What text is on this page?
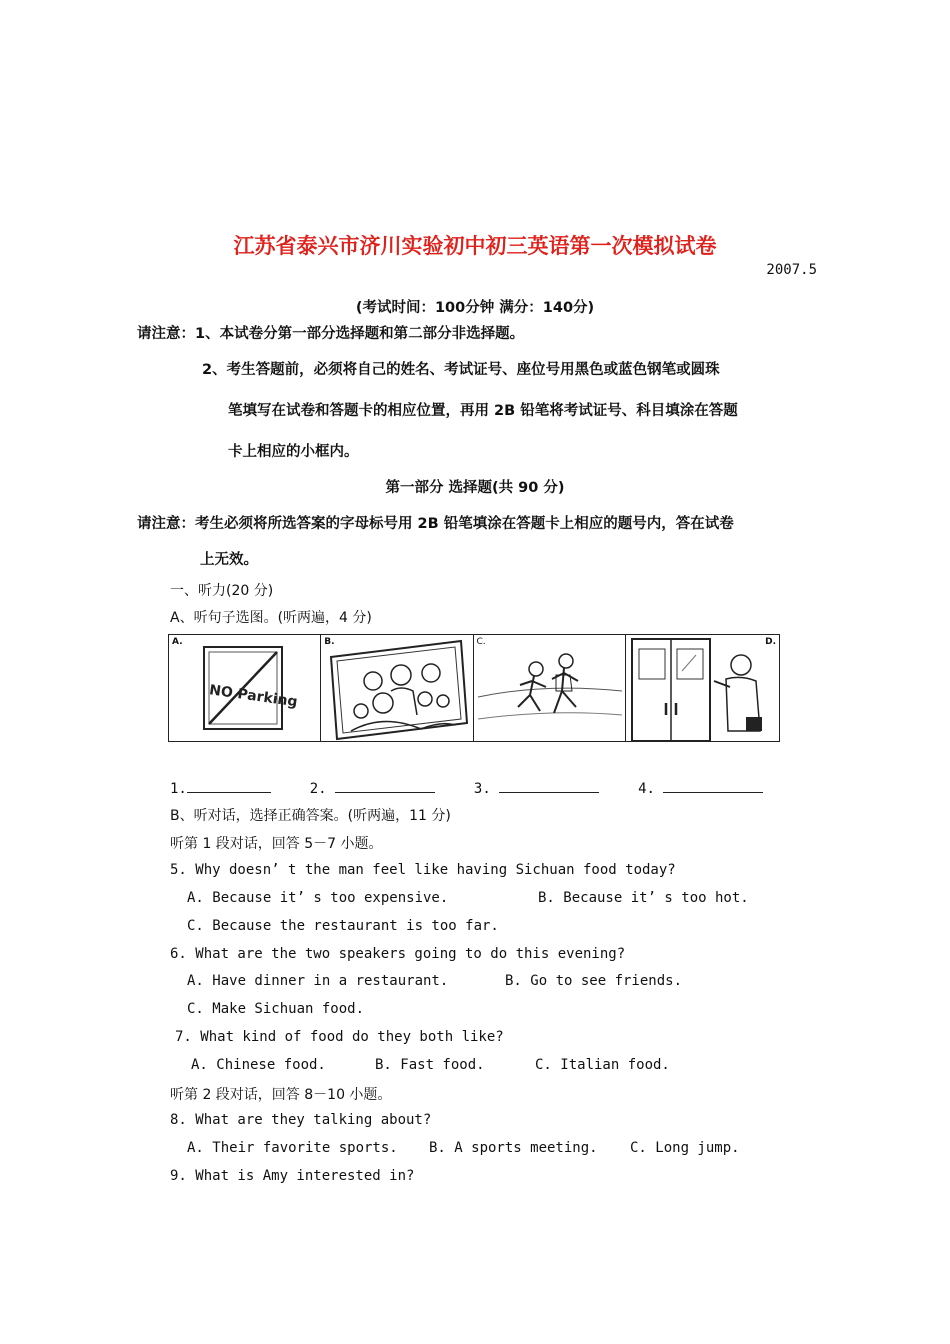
江苏省泰兴市济川实验初中初三英语第一次模拟试卷
2007.5
(考试时间：100分钟 满分：140分)
请注意：1、本试卷分第一部分选择题和第二部分非选择题。
2、考生答题前，必须将自己的姓名、考试证号、座位号用黑色或蓝色钢笔或圆珠
笔填写在试卷和答题卡的相应位置，再用 2B 铅笔将考试证号、科目填涂在答题
卡上相应的小框内。
第一部分 选择题(共 90 分)
请注意：考生必须将所选答案的字母标号用 2B 铅笔填涂在答题卡上相应的题号内，答在试卷
上无效。
一、听力(20 分)
A、听句子选图。(听两遍，4 分)
A.
NO Parking
B.	C.	D.
1.	2.	3.	4.
B、听对话，选择正确答案。(听两遍，11 分)
听第 1 段对话，回答 5－7 小题。
5. Why doesn’ t the man feel like having Sichuan food today?
A. Because it’ s too expensive.	B. Because it’ s too hot.
C. Because the restaurant is too far.
6. What are the two speakers going to do this evening?
A. Have dinner in a restaurant.	B. Go to see friends.
C. Make Sichuan food.
7. What kind of food do they both like?
A. Chinese food.	B. Fast food.	C. Italian food.
听第 2 段对话，回答 8－10 小题。
8. What are they talking about?
A. Their favorite sports. B. A sports meeting. C. Long jump.
9. What is Amy interested in?
